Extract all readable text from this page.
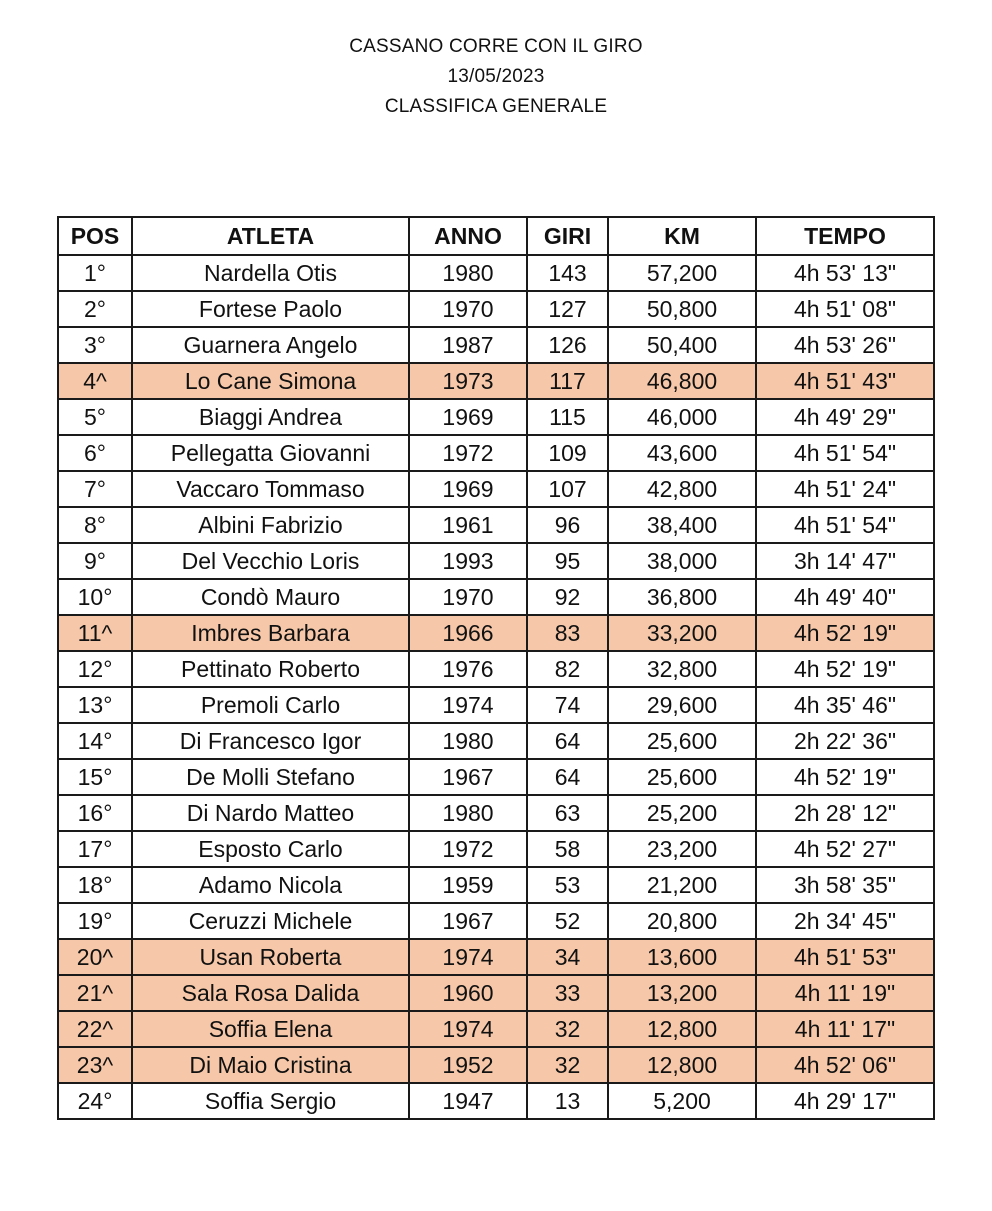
CASSANO CORRE CON IL GIRO
13/05/2023
CLASSIFICA GENERALE
POS	ATLETA	ANNO	GIRI	KM	TEMPO
1°	Nardella Otis	1980	143	57,200	4h 53' 13"
2°	Fortese Paolo	1970	127	50,800	4h 51' 08"
3°	Guarnera Angelo	1987	126	50,400	4h 53' 26"
4^	Lo Cane Simona	1973	117	46,800	4h 51' 43"
5°	Biaggi Andrea	1969	115	46,000	4h 49' 29"
6°	Pellegatta Giovanni	1972	109	43,600	4h 51' 54"
7°	Vaccaro Tommaso	1969	107	42,800	4h 51' 24"
8°	Albini Fabrizio	1961	96	38,400	4h 51' 54"
9°	Del Vecchio Loris	1993	95	38,000	3h 14' 47"
10°	Condò Mauro	1970	92	36,800	4h 49' 40"
11^	Imbres Barbara	1966	83	33,200	4h 52' 19"
12°	Pettinato Roberto	1976	82	32,800	4h 52' 19"
13°	Premoli Carlo	1974	74	29,600	4h 35' 46"
14°	Di Francesco Igor	1980	64	25,600	2h 22' 36"
15°	De Molli Stefano	1967	64	25,600	4h 52' 19"
16°	Di Nardo Matteo	1980	63	25,200	2h 28' 12"
17°	Esposto Carlo	1972	58	23,200	4h 52' 27"
18°	Adamo Nicola	1959	53	21,200	3h 58' 35"
19°	Ceruzzi Michele	1967	52	20,800	2h 34' 45"
20^	Usan Roberta	1974	34	13,600	4h 51' 53"
21^	Sala Rosa Dalida	1960	33	13,200	4h 11' 19"
22^	Soffia Elena	1974	32	12,800	4h 11' 17"
23^	Di Maio Cristina	1952	32	12,800	4h 52' 06"
24°	Soffia Sergio	1947	13	5,200	4h 29' 17"
